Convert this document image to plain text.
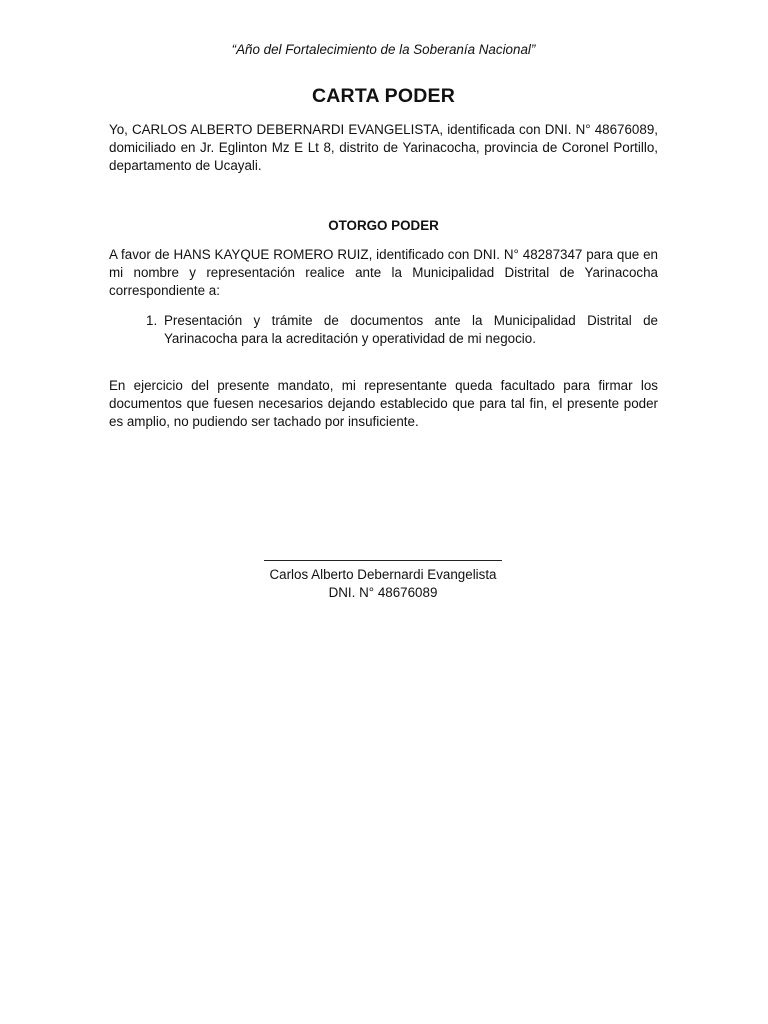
“Año del Fortalecimiento de la Soberanía Nacional”
CARTA PODER
Yo, CARLOS ALBERTO DEBERNARDI EVANGELISTA, identificada con DNI. N° 48676089, domiciliado en Jr. Eglinton Mz E Lt 8, distrito de Yarinacocha, provincia de Coronel Portillo, departamento de Ucayali.
OTORGO PODER
A favor de HANS KAYQUE ROMERO RUIZ, identificado con DNI. N° 48287347 para que en mi nombre y representación realice ante la Municipalidad Distrital de Yarinacocha correspondiente a:
1. Presentación y trámite de documentos ante la Municipalidad Distrital de Yarinacocha para la acreditación y operatividad de mi negocio.
En ejercicio del presente mandato, mi representante queda facultado para firmar los documentos que fuesen necesarios dejando establecido que para tal fin, el presente poder es amplio, no pudiendo ser tachado por insuficiente.
Carlos Alberto Debernardi Evangelista
DNI. N° 48676089
